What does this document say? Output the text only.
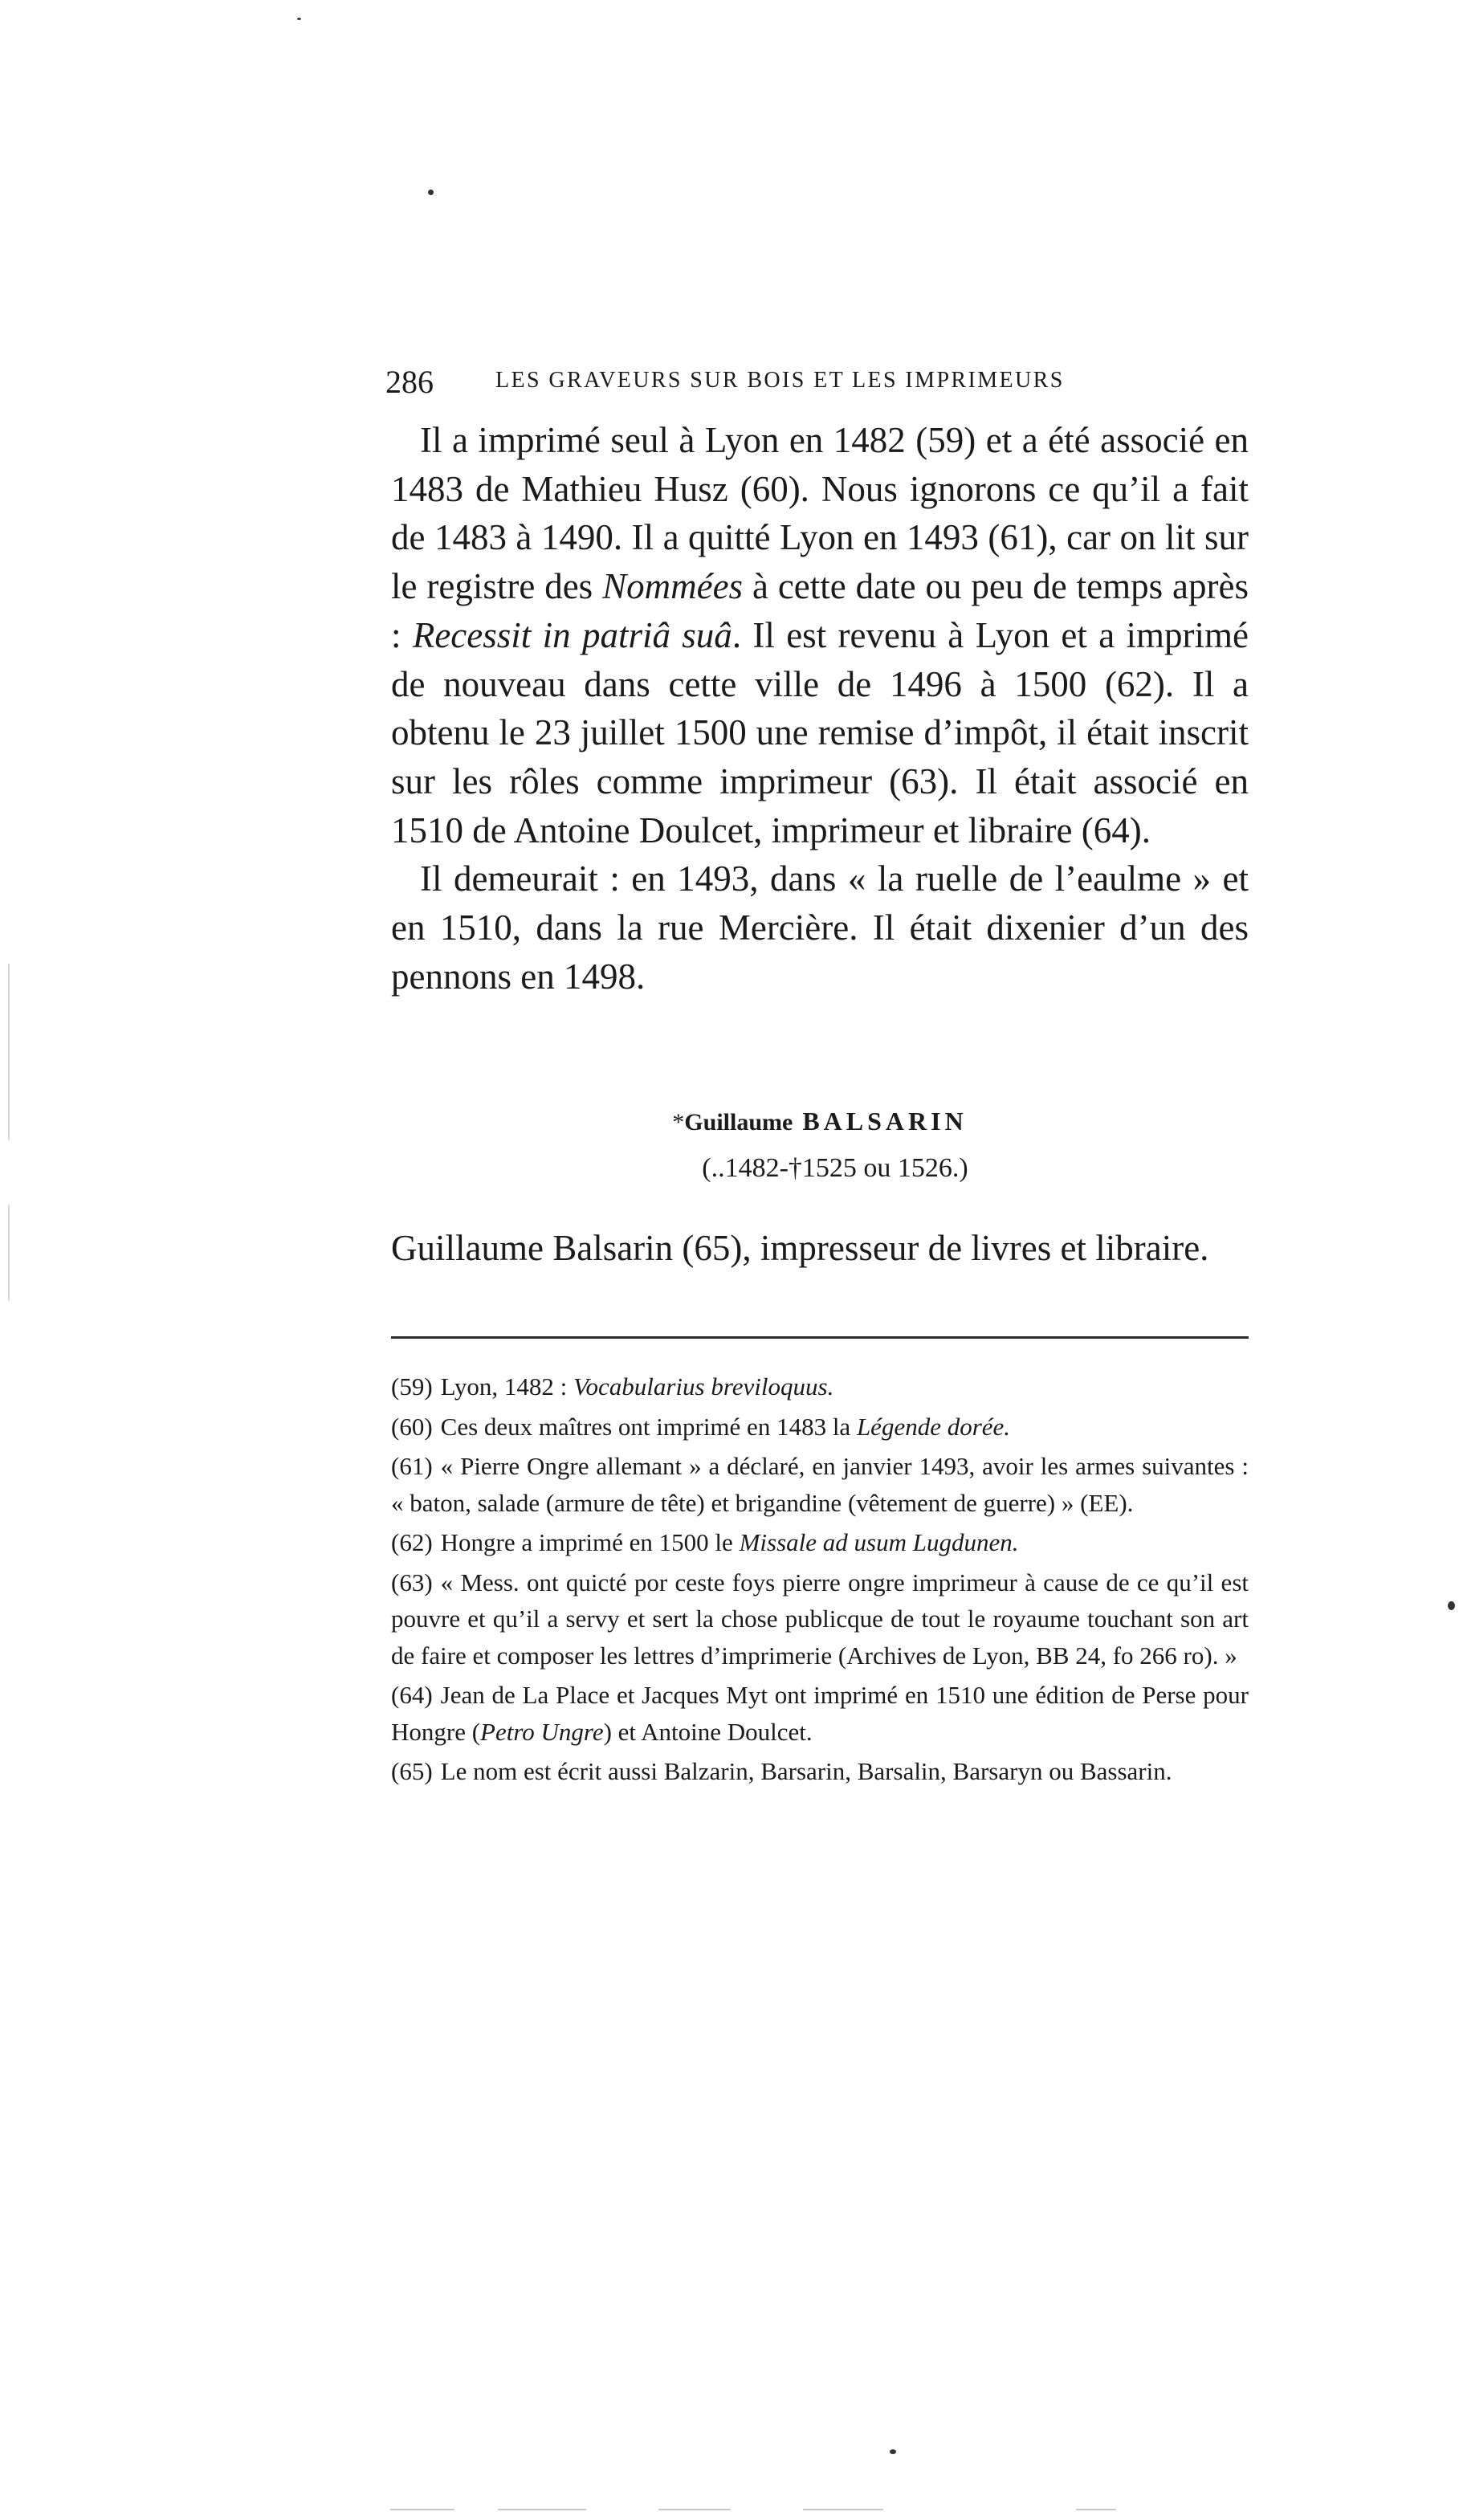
286	LES GRAVEURS SUR BOIS ET LES IMPRIMEURS

Il a imprimé seul à Lyon en 1482 (59) et a été associé en 1483 de Mathieu Husz (60). Nous ignorons ce qu’il a fait de 1483 à 1490. Il a quitté Lyon en 1493 (61), car on lit sur le registre des Nommées à cette date ou peu de temps après : Recessit in patriâ suâ. Il est revenu à Lyon et a imprimé de nouveau dans cette ville de 1496 à 1500 (62). Il a obtenu le 23 juillet 1500 une remise d’impôt, il était inscrit sur les rôles comme imprimeur (63). Il était associé en 1510 de Antoine Doulcet, imprimeur et libraire (64).

Il demeurait : en 1493, dans « la ruelle de l’eaulme » et en 1510, dans la rue Mercière. Il était dixenier d’un des pennons en 1498.

*Guillaume BALSARIN
(..1482-†1525 ou 1526.)

Guillaume Balsarin (65), impresseur de livres et libraire.

(59) Lyon, 1482 : Vocabularius breviloquus.

(60) Ces deux maîtres ont imprimé en 1483 la Légende dorée.

(61) « Pierre Ongre allemant » a déclaré, en janvier 1493, avoir les armes suivantes : « baton, salade (armure de tête) et brigandine (vêtement de guerre) » (EE).

(62) Hongre a imprimé en 1500 le Missale ad usum Lugdunen.

(63) « Mess. ont quicté por ceste foys pierre ongre imprimeur à cause de ce qu’il est pouvre et qu’il a servy et sert la chose publicque de tout le royaume touchant son art de faire et composer les lettres d’imprimerie (Archives de Lyon, BB 24, fo 266 ro). »

(64) Jean de La Place et Jacques Myt ont imprimé en 1510 une édition de Perse pour Hongre (Petro Ungre) et Antoine Doulcet.

(65) Le nom est écrit aussi Balzarin, Barsarin, Barsalin, Barsaryn ou Bassarin.
